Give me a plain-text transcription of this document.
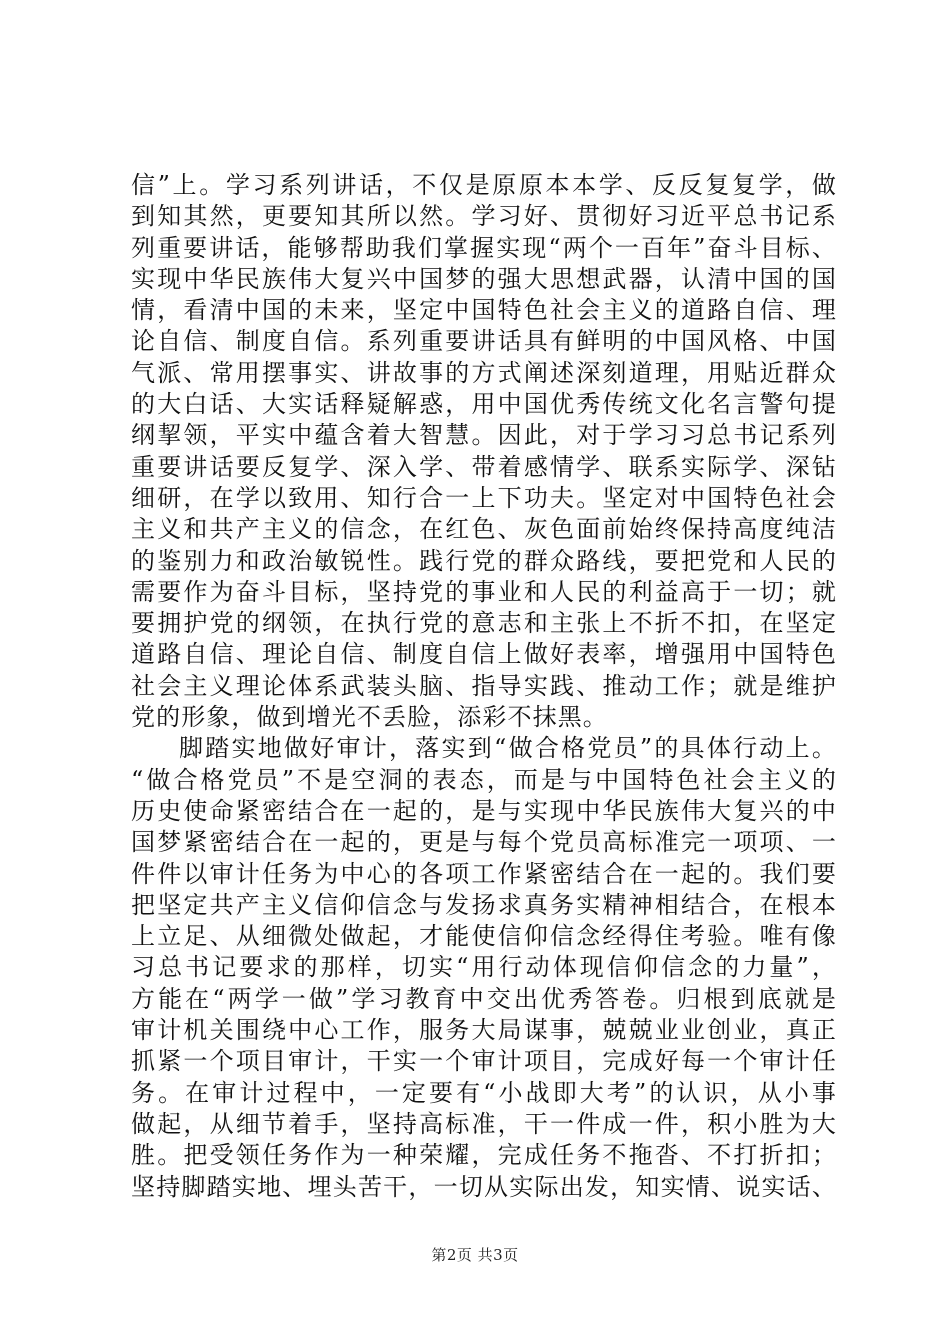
信”上。学习系列讲话，不仅是原原本本学、反反复复学，做
到知其然，更要知其所以然。学习好、贯彻好习近平总书记系
列重要讲话，能够帮助我们掌握实现“两个一百年”奋斗目标、
实现中华民族伟大复兴中国梦的强大思想武器，认清中国的国
情，看清中国的未来，坚定中国特色社会主义的道路自信、理
论自信、制度自信。系列重要讲话具有鲜明的中国风格、中国
气派、常用摆事实、讲故事的方式阐述深刻道理，用贴近群众
的大白话、大实话释疑解惑，用中国优秀传统文化名言警句提
纲挈领，平实中蕴含着大智慧。因此，对于学习习总书记系列
重要讲话要反复学、深入学、带着感情学、联系实际学、深钻
细研，在学以致用、知行合一上下功夫。坚定对中国特色社会
主义和共产主义的信念，在红色、灰色面前始终保持高度纯洁
的鉴别力和政治敏锐性。践行党的群众路线，要把党和人民的
需要作为奋斗目标，坚持党的事业和人民的利益高于一切；就
要拥护党的纲领，在执行党的意志和主张上不折不扣，在坚定
道路自信、理论自信、制度自信上做好表率，增强用中国特色
社会主义理论体系武装头脑、指导实践、推动工作；就是维护
党的形象，做到增光不丢脸，添彩不抹黑。
脚踏实地做好审计，落实到“做合格党员”的具体行动上。
“做合格党员”不是空洞的表态，而是与中国特色社会主义的
历史使命紧密结合在一起的，是与实现中华民族伟大复兴的中
国梦紧密结合在一起的，更是与每个党员高标准完一项项、一
件件以审计任务为中心的各项工作紧密结合在一起的。我们要
把坚定共产主义信仰信念与发扬求真务实精神相结合，在根本
上立足、从细微处做起，才能使信仰信念经得住考验。唯有像
习总书记要求的那样，切实“用行动体现信仰信念的力量”，
方能在“两学一做”学习教育中交出优秀答卷。归根到底就是
审计机关围绕中心工作，服务大局谋事，兢兢业业创业，真正
抓紧一个项目审计，干实一个审计项目，完成好每一个审计任
务。在审计过程中，一定要有“小战即大考”的认识，从小事
做起，从细节着手，坚持高标准，干一件成一件，积小胜为大
胜。把受领任务作为一种荣耀，完成任务不拖沓、不打折扣；
坚持脚踏实地、埋头苦干，一切从实际出发，知实情、说实话、
第2页 共3页
